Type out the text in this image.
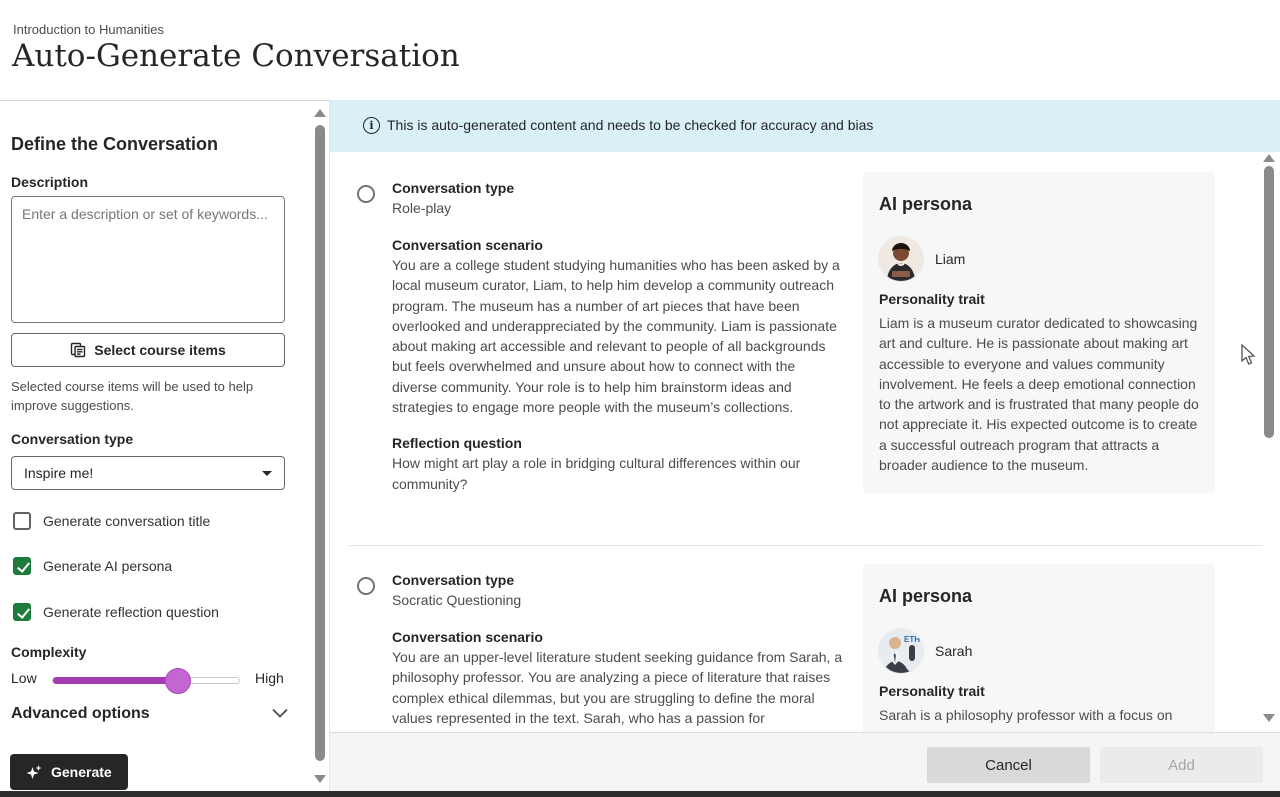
Introduction to Humanities
Auto-Generate Conversation
Define the Conversation
Description
Enter a description or set of keywords...
Select course items
Selected course items will be used to help improve suggestions.
Conversation type
Inspire me!
Generate conversation title
Generate AI persona
Generate reflection question
Complexity
Low	High
Advanced options
Generate
i This is auto-generated content and needs to be checked for accuracy and bias
Conversation type
Role-play
Conversation scenario
You are a college student studying humanities who has been asked by a local museum curator, Liam, to help him develop a community outreach program. The museum has a number of art pieces that have been overlooked and underappreciated by the community. Liam is passionate about making art accessible and relevant to people of all backgrounds but feels overwhelmed and unsure about how to connect with the diverse community. Your role is to help him brainstorm ideas and strategies to engage more people with the museum’s collections.
Reflection question
How might art play a role in bridging cultural differences within our community?
AI persona
Liam
Personality trait
Liam is a museum curator dedicated to showcasing art and culture. He is passionate about making art accessible to everyone and values community involvement. He feels a deep emotional connection to the artwork and is frustrated that many people do not appreciate it. His expected outcome is to create a successful outreach program that attracts a broader audience to the museum.
Conversation type
Socratic Questioning
Conversation scenario
You are an upper-level literature student seeking guidance from Sarah, a philosophy professor. You are analyzing a piece of literature that raises complex ethical dilemmas, but you are struggling to define the moral values represented in the text. Sarah, who has a passion for
AI persona
ETH
Sarah
Personality trait
Sarah is a philosophy professor with a focus on
Cancel	Add
